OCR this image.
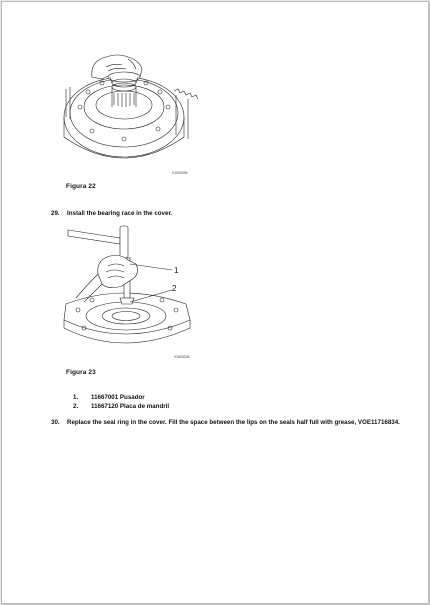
V1003394
Figura 22
29. Install the bearing race in the cover.
1
2
V1003206
Figura 23
1. 11667001 Pusador
2. 11667120 Placa de mandril
30. Replace the seal ring in the cover. Fill the space between the lips on the seals half full with grease, VOE11716834.
